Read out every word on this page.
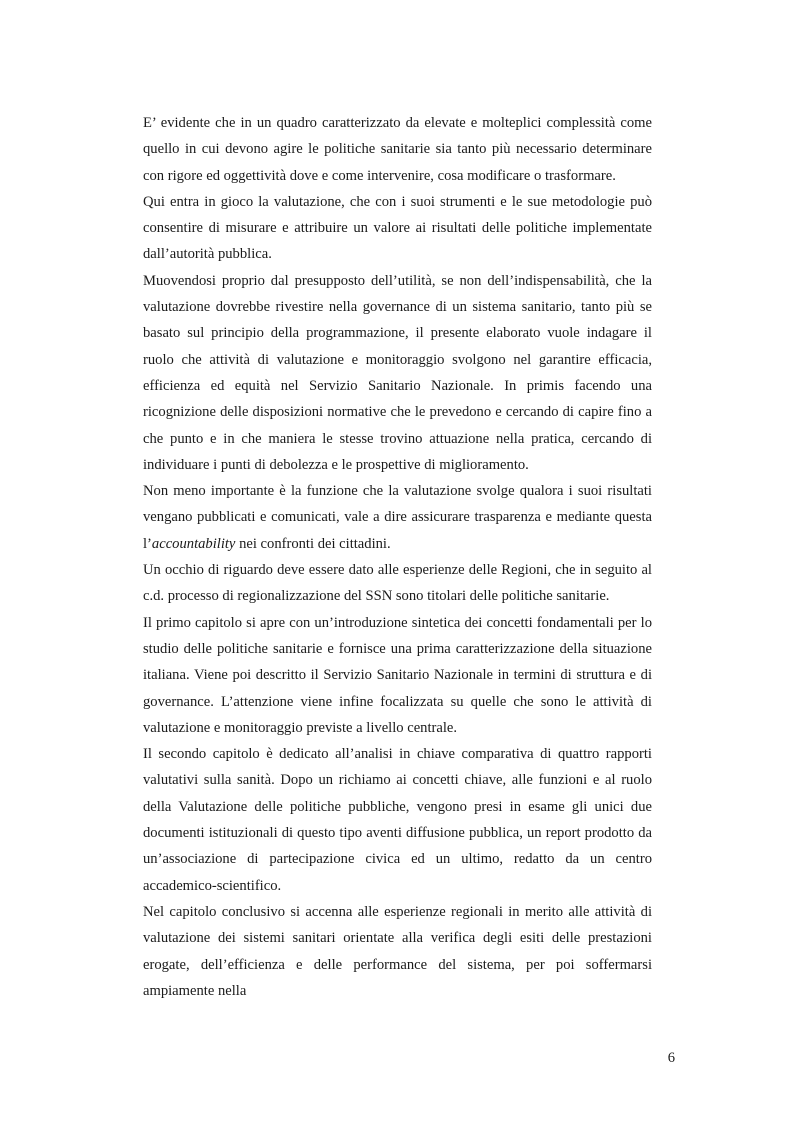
E’ evidente che in un quadro caratterizzato da elevate e molteplici complessità come quello in cui devono agire le politiche sanitarie sia tanto più necessario determinare con rigore ed oggettività dove e come intervenire, cosa modificare o trasformare.

Qui entra in gioco la valutazione, che con i suoi strumenti e le sue metodologie può consentire di misurare e attribuire un valore ai risultati delle politiche implementate dall’autorità pubblica.

Muovendosi proprio dal presupposto dell’utilità, se non dell’indispensabilità, che la valutazione dovrebbe rivestire nella governance di un sistema sanitario, tanto più se basato sul principio della programmazione, il presente elaborato vuole indagare il ruolo che attività di valutazione e monitoraggio svolgono nel garantire efficacia, efficienza ed equità nel Servizio Sanitario Nazionale. In primis facendo una ricognizione delle disposizioni normative che le prevedono e cercando di capire fino a che punto e in che maniera le stesse trovino attuazione nella pratica, cercando di individuare i punti di debolezza e le prospettive di miglioramento.

Non meno importante è la funzione che la valutazione svolge qualora i suoi risultati vengano pubblicati e comunicati, vale a dire assicurare trasparenza e mediante questa l’accountability nei confronti dei cittadini.

Un occhio di riguardo deve essere dato alle esperienze delle Regioni, che in seguito al c.d. processo di regionalizzazione del SSN sono titolari delle politiche sanitarie.

Il primo capitolo si apre con un’introduzione sintetica dei concetti fondamentali per lo studio delle politiche sanitarie e fornisce una prima caratterizzazione della situazione italiana. Viene poi descritto il Servizio Sanitario Nazionale in termini di struttura e di governance. L’attenzione viene infine focalizzata su quelle che sono le attività di valutazione e monitoraggio previste a livello centrale.

Il secondo capitolo è dedicato all’analisi in chiave comparativa di quattro rapporti valutativi sulla sanità. Dopo un richiamo ai concetti chiave, alle funzioni e al ruolo della Valutazione delle politiche pubbliche, vengono presi in esame gli unici due documenti istituzionali di questo tipo aventi diffusione pubblica, un report prodotto da un’associazione di partecipazione civica ed un ultimo, redatto da un centro accademico-scientifico.

Nel capitolo conclusivo si accenna alle esperienze regionali in merito alle attività di valutazione dei sistemi sanitari orientate alla verifica degli esiti delle prestazioni erogate, dell’efficienza e delle performance del sistema, per poi soffermarsi ampiamente nella

6
